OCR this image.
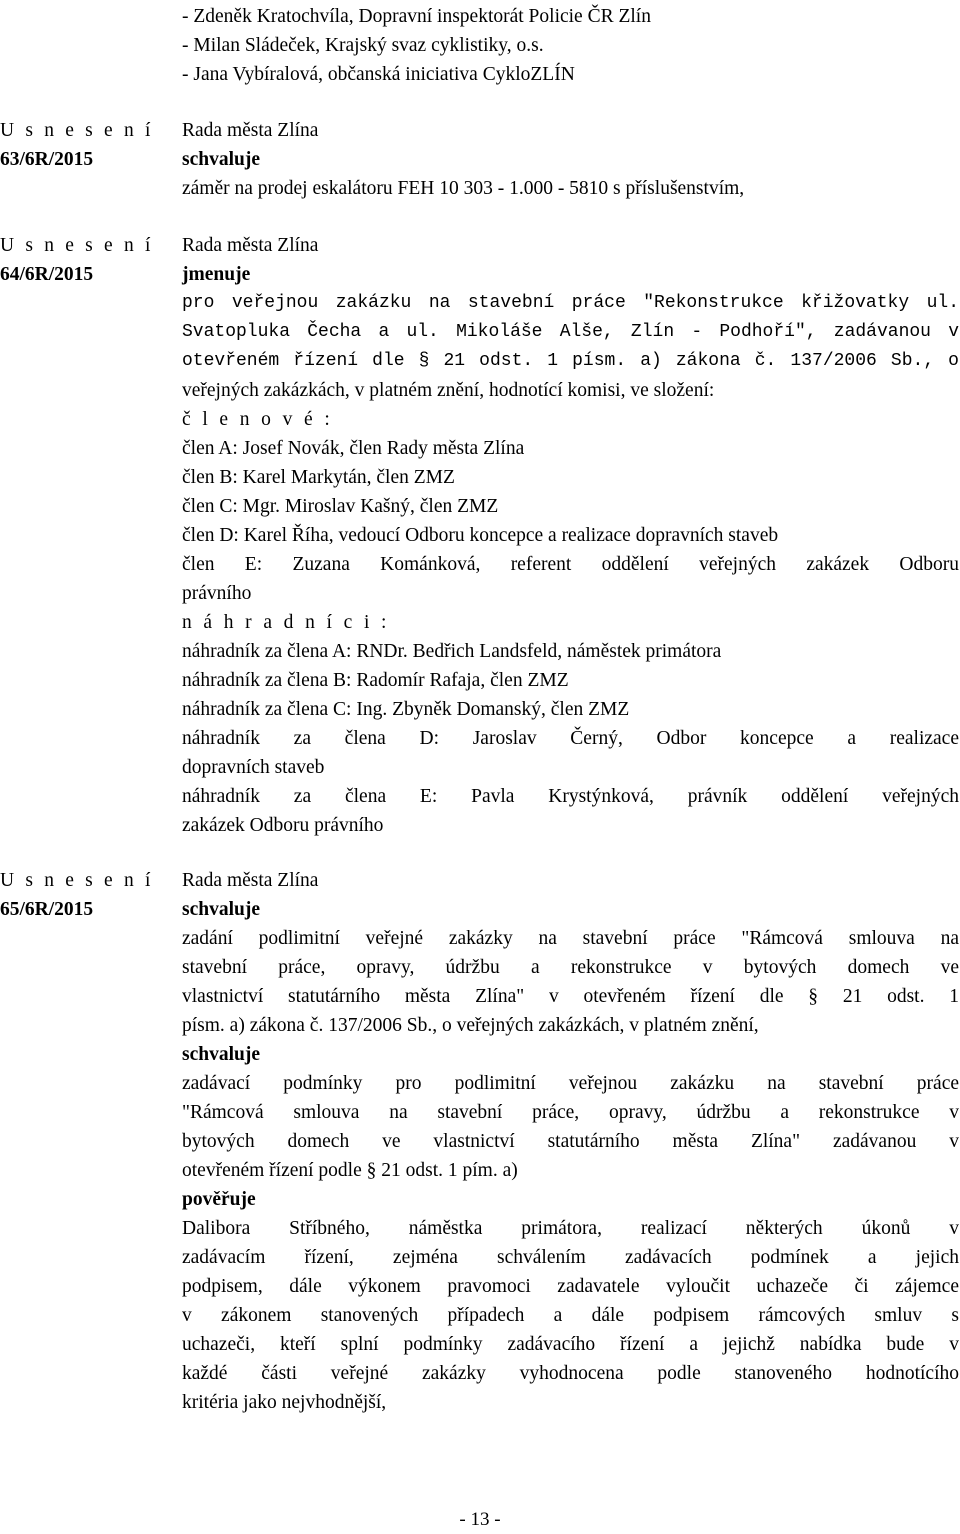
- Zdeněk Kratochvíla, Dopravní inspektorát Policie ČR Zlín
- Milan Sládeček, Krajský svaz cyklistiky, o.s.
- Jana Vybíralová, občanská iniciativa CykloZLÍN
U s n e s e n í
63/6R/2015
Rada města Zlína
schvaluje
záměr na prodej eskalátoru FEH 10 303 - 1.000 - 5810 s příslušenstvím,
U s n e s e n í
64/6R/2015
Rada města Zlína
jmenuje
pro veřejnou zakázku na stavební práce "Rekonstrukce křižovatky ul.
Svatopluka Čecha a ul. Mikoláše Alše, Zlín - Podhoří", zadávanou v
otevřeném řízení dle § 21 odst. 1 písm. a) zákona č. 137/2006 Sb., o
veřejných zakázkách, v platném znění, hodnotící komisi, ve složení:
č l e n o v é :
člen A: Josef Novák, člen Rady města Zlína
člen B: Karel Markytán, člen ZMZ
člen C: Mgr. Miroslav Kašný, člen ZMZ
člen D: Karel Říha, vedoucí Odboru koncepce a realizace dopravních staveb
člen E: Zuzana Kománková, referent oddělení veřejných zakázek Odboru
právního
n á h r a d n í c i :
náhradník za člena A: RNDr. Bedřich Landsfeld, náměstek primátora
náhradník za člena B: Radomír Rafaja, člen ZMZ
náhradník za člena C: Ing. Zbyněk Domanský, člen ZMZ
náhradník za člena D: Jaroslav Černý, Odbor koncepce a realizace
dopravních staveb
náhradník za člena E: Pavla Krystýnková, právník oddělení veřejných
zakázek Odboru právního
U s n e s e n í
65/6R/2015
Rada města Zlína
schvaluje
zadání podlimitní veřejné zakázky na stavební práce "Rámcová smlouva na
stavební práce, opravy, údržbu a rekonstrukce v bytových domech ve
vlastnictví statutárního města Zlína" v otevřeném řízení dle § 21 odst. 1
písm. a) zákona č. 137/2006 Sb., o veřejných zakázkách, v platném znění,
schvaluje
zadávací podmínky pro podlimitní veřejnou zakázku na stavební práce
"Rámcová smlouva na stavební práce, opravy, údržbu a rekonstrukce v
bytových domech ve vlastnictví statutárního města Zlína" zadávanou v
otevřeném řízení podle § 21 odst. 1 pím. a)
pověřuje
Dalibora Stříbného, náměstka primátora, realizací některých úkonů v
zadávacím řízení, zejména schválením zadávacích podmínek a jejich
podpisem, dále výkonem pravomoci zadavatele vyloučit uchazeče či zájemce
v zákonem stanovených případech a dále podpisem rámcových smluv s
uchazeči, kteří splní podmínky zadávacího řízení a jejichž nabídka bude v
každé části veřejné zakázky vyhodnocena podle stanoveného hodnotícího
kritéria jako nejvhodnější,
- 13 -
